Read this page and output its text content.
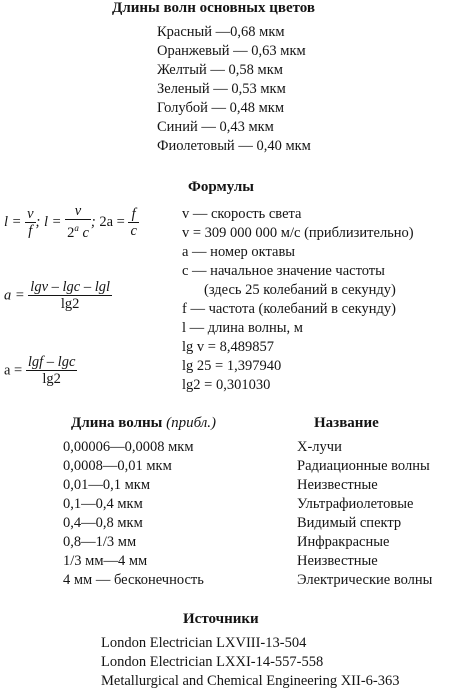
Длины волн основных цветов
Красный —0,68 мкм
Оранжевый — 0,63 мкм
Желтый — 0,58 мкм
Зеленый — 0,53 мкм
Голубой — 0,48 мкм
Синий — 0,43 мкм
Фиолетовый — 0,40 мкм
Формулы
$l = \frac{v}{f}$ ; $l = \frac{v}{2^a c}$ ; $2a = \frac{f}{c}$
$a = \frac{\lg v - \lg c - \lg l}{\lg 2}$
$a = \frac{\lg f - \lg c}{\lg 2}$
v — скорость света
v = 309 000 000 м/с (приблизительно)
a — номер октавы
c — начальное значение частоты
(здесь 25 колебаний в секунду)
f — частота (колебаний в секунду)
l — длина волны, м
lg v = 8,489857
lg 25 = 1,397940
lg2 = 0,301030
Длина волны (прибл.)	Название
0,00006—0,0008 мкм
0,0008—0,01 мкм
0,01—0,1 мкм
0,1—0,4 мкм
0,4—0,8 мкм
0,8—1/3 мм
1/3 мм—4 мм
4 мм — бесконечность
Х-лучи
Радиационные волны
Неизвестные
Ультрафиолетовые
Видимый спектр
Инфракрасные
Неизвестные
Электрические волны
Источники
London Electrician LXVIII-13-504
London Electrician LXXI-14-557-558
Metallurgical and Chemical Engineering XII-6-363
